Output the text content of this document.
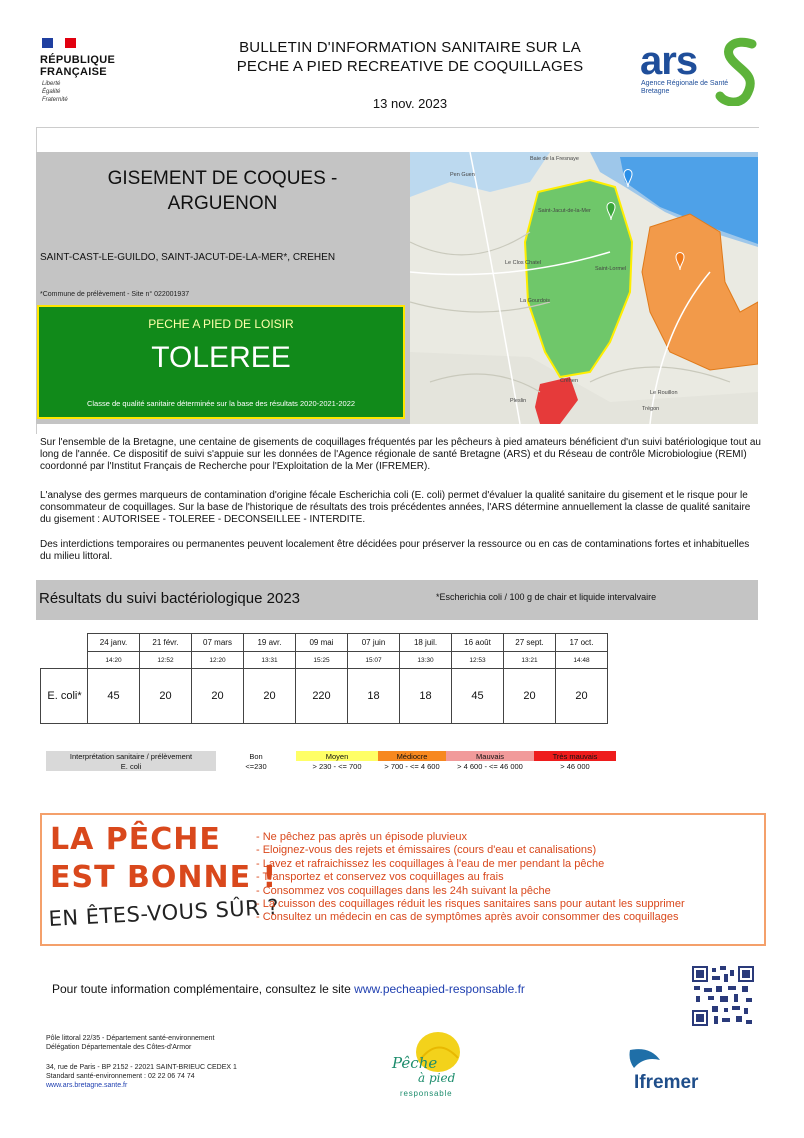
RÉPUBLIQUE
FRANÇAISE
Liberté
Égalité
Fraternité
BULLETIN D'INFORMATION SANITAIRE SUR LA
PECHE A PIED RECREATIVE DE COQUILLAGES
13 nov. 2023
ars
Agence Régionale de Santé
Bretagne
GISEMENT DE COQUES -
ARGUENON
SAINT-CAST-LE-GUILDO, SAINT-JACUT-DE-LA-MER*, CREHEN
*Commune de prélèvement - Site n° 022001937
PECHE A PIED DE LOISIR
TOLEREE
Classe de qualité sanitaire déterminée sur la base des résultats 2020-2021-2022
Baie de la Fresnaye
Pen Guen
Saint-Jacut-de-la-Mer
Le Clos Chatel
La Gourdois
Saint-Lormel
Créhen
Le Rouillon
Trégon
Pleslin
Sur l'ensemble de la Bretagne, une centaine de gisements de coquillages fréquentés par les pêcheurs à pied amateurs bénéficient d'un suivi batériologique tout au long de l'année. Ce dispositif de suivi s'appuie sur les données de l'Agence régionale de santé Bretagne (ARS) et du Réseau de contrôle Microbiologiue (REMI) coordonné par l'Institut Français de Recherche pour l'Exploitation de la Mer (IFREMER).
L'analyse des germes marqueurs de contamination d'origine fécale Escherichia coli (E. coli) permet d'évaluer la qualité sanitaire du gisement et le risque pour le consommateur de coquillages. Sur la base de l'historique de résultats des trois précédentes années, l'ARS détermine annuellement la classe de qualité sanitaire du gisement : AUTORISEE - TOLEREE - DECONSEILLEE - INTERDITE.
Des interdictions temporaires ou permanentes peuvent localement être décidées pour préserver la ressource ou en cas de contaminations fortes et inhabituelles du milieu littoral.
Résultats du suivi bactériologique 2023	*Escherichia coli / 100 g de chair et liquide intervalvaire
	24 janv.	21 févr.	07 mars	19 avr.	09 mai	07 juin	18 juil.	16 août	27 sept.	17 oct.
	14:20	12:52	12:20	13:31	15:25	15:07	13:30	12:53	13:21	14:48
E. coli*	45	20	20	20	220	18	18	45	20	20
Interprétation sanitaire / prélèvement	Bon	Moyen	Médiocre	Mauvais	Très mauvais
E. coli	<=230	> 230 - <= 700	> 700 - <= 4 600	> 4 600 - <= 46 000	> 46 000
LA PÊCHE
EST BONNE !
EN ÊTES-VOUS SÛR ?
- Ne pêchez pas après un épisode pluvieux
- Eloignez-vous des rejets et émissaires (cours d'eau et canalisations)
- Lavez et rafraichissez les coquillages à l'eau de mer pendant la pêche
- Transportez et conservez vos coquillages au frais
- Consommez vos coquillages dans les 24h suivant la pêche
- La cuisson des coquillages réduit les risques sanitaires sans pour autant les supprimer
- Consultez un médecin en cas de symptômes après avoir consommer des coquillages
Pour toute information complémentaire, consultez le site www.pecheapied-responsable.fr
Pôle littoral 22/35 - Département santé-environnement
Délégation Départementale des Côtes-d'Armor
34, rue de Paris - BP 2152 - 22021 SAINT-BRIEUC CEDEX 1
Standard santé-environnement : 02 22 06 74 74
www.ars.bretagne.sante.fr
Pêche
à pied
responsable
Ifremer
